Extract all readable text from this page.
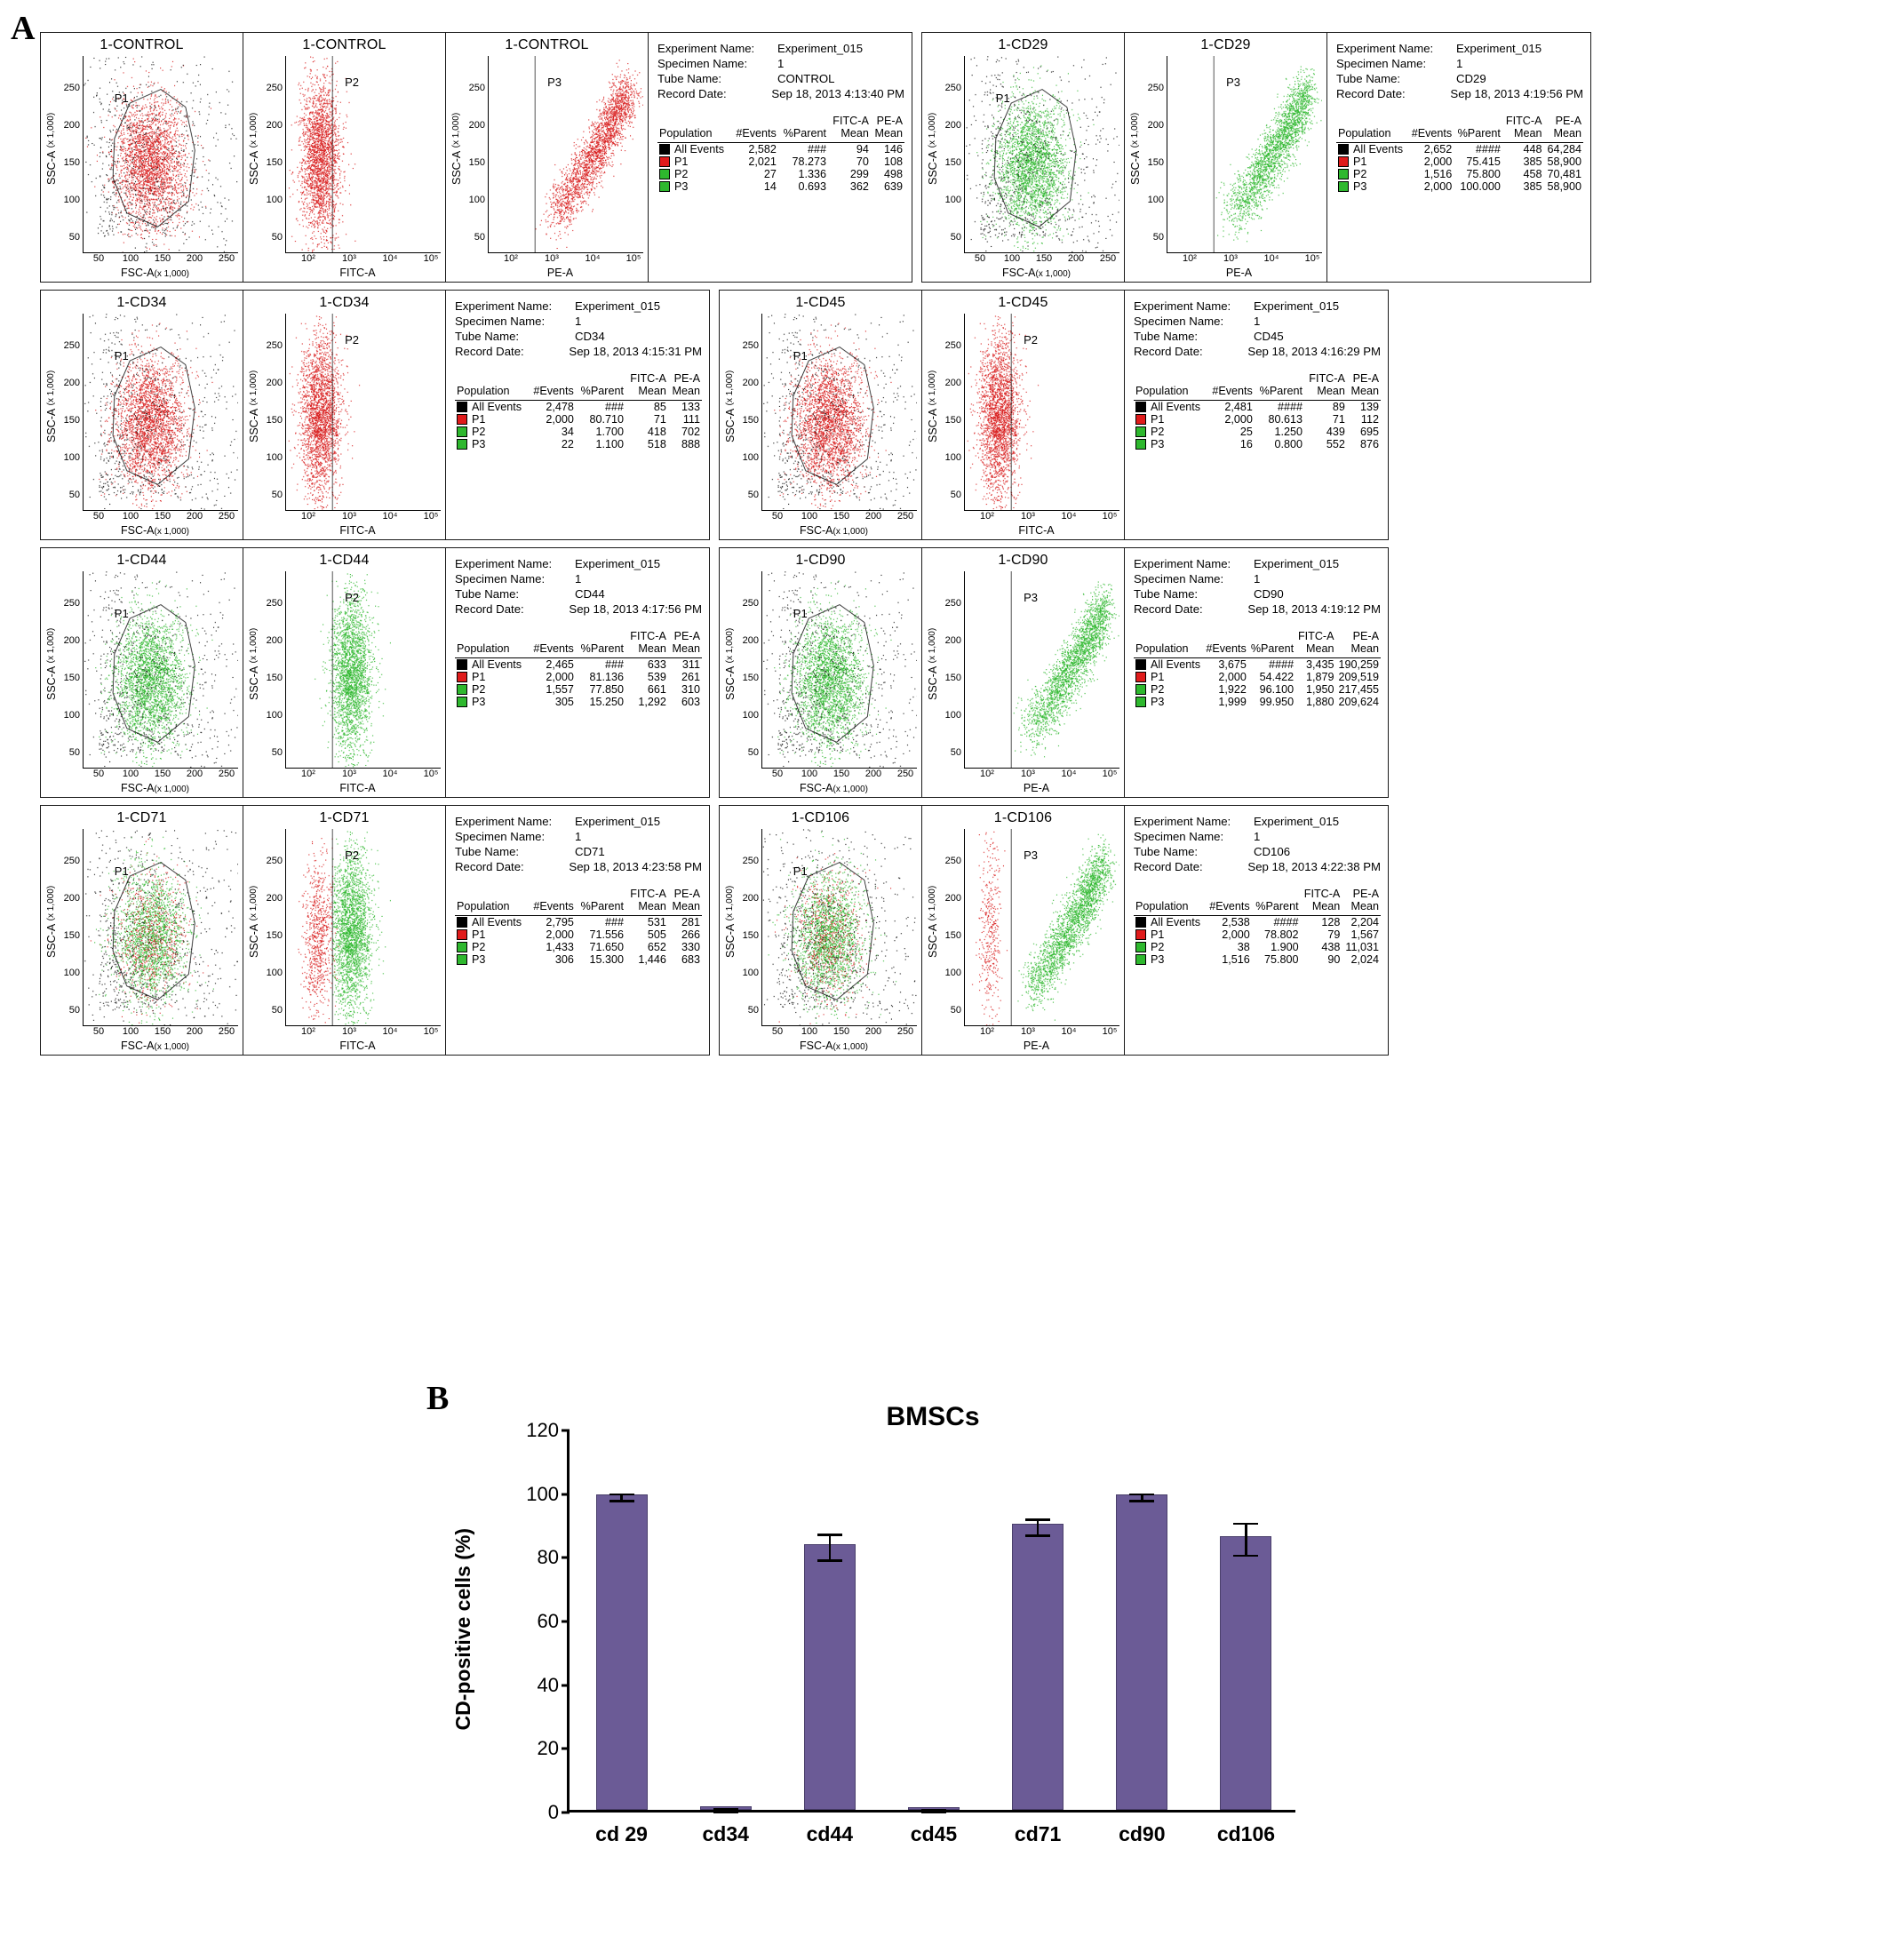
A
B
1-CONTROL
SSC-A (x 1,000)
50
100
150
200
250
P1
50 100 150 200 250
FSC-A(x 1,000)
1-CONTROL
SSC-A (x 1,000)
50
100
150
200
250	P2
10²	10³	10⁴	10⁵
FITC-A
1-CONTROL
SSC-A (x 1,000)
50
100
150
200
250	P3
10²	10³	10⁴	10⁵
PE-A
Experiment Name:	Experiment_015
Specimen Name:	1
Tube Name:	CONTROL
Record Date:	Sep 18, 2013 4:13:40 PM
			FITC-A	PE-A
Population	#Events	%Parent	Mean	Mean

All Events	2,582	###	94	146
P1	2,021	78.273	70	108
P2	27	1.336	299	498
P3	14	0.693	362	639
1-CD29
SSC-A (x 1,000)
50
100
150
200
250
P1
50 100 150 200 250
FSC-A(x 1,000)
1-CD29
SSC-A (x 1,000)
50
100
150
200
250	P3
10²	10³	10⁴	10⁵
PE-A
Experiment Name:	Experiment_015
Specimen Name:	1
Tube Name:	CD29
Record Date:	Sep 18, 2013 4:19:56 PM
			FITC-A	PE-A
Population	#Events	%Parent	Mean	Mean

All Events	2,652	####	448	64,284
P1	2,000	75.415	385	58,900
P2	1,516	75.800	458	70,481
P3	2,000	100.000	385	58,900
1-CD34
SSC-A (x 1,000)
50
100
150
200
250
P1
50 100 150 200 250
FSC-A(x 1,000)
1-CD34
SSC-A (x 1,000)
50
100
150
200
250	P2
10²	10³	10⁴	10⁵
FITC-A
Experiment Name:	Experiment_015
Specimen Name:	1
Tube Name:	CD34
Record Date:	Sep 18, 2013 4:15:31 PM
			FITC-A	PE-A
Population	#Events	%Parent	Mean	Mean

All Events	2,478	###	85	133
P1	2,000	80.710	71	111
P2	34	1.700	418	702
P3	22	1.100	518	888
1-CD45
SSC-A (x 1,000)
50
100
150
200
250
P1
50 100 150 200 250
FSC-A(x 1,000)
1-CD45
SSC-A (x 1,000)
50
100
150
200
250	P2
10²	10³	10⁴	10⁵
FITC-A
Experiment Name:	Experiment_015
Specimen Name:	1
Tube Name:	CD45
Record Date:	Sep 18, 2013 4:16:29 PM
			FITC-A	PE-A
Population	#Events	%Parent	Mean	Mean

All Events	2,481	####	89	139
P1	2,000	80.613	71	112
P2	25	1.250	439	695
P3	16	0.800	552	876
1-CD44
SSC-A (x 1,000)
50
100
150
200
250
P1
50 100 150 200 250
FSC-A(x 1,000)
1-CD44
SSC-A (x 1,000)
50
100
150
200
250	P2
10²	10³	10⁴	10⁵
FITC-A
Experiment Name:	Experiment_015
Specimen Name:	1
Tube Name:	CD44
Record Date:	Sep 18, 2013 4:17:56 PM
			FITC-A	PE-A
Population	#Events	%Parent	Mean	Mean

All Events	2,465	###	633	311
P1	2,000	81.136	539	261
P2	1,557	77.850	661	310
P3	305	15.250	1,292	603
1-CD90
SSC-A (x 1,000)
50
100
150
200
250
P1
50 100 150 200 250
FSC-A(x 1,000)
1-CD90
SSC-A (x 1,000)
50
100
150
200
250	P3
10²	10³	10⁴	10⁵
PE-A
Experiment Name:	Experiment_015
Specimen Name:	1
Tube Name:	CD90
Record Date:	Sep 18, 2013 4:19:12 PM
			FITC-A	PE-A
Population	#Events	%Parent	Mean	Mean

All Events	3,675	####	3,435	190,259
P1	2,000	54.422	1,879	209,519
P2	1,922	96.100	1,950	217,455
P3	1,999	99.950	1,880	209,624
1-CD71
SSC-A (x 1,000)
50
100
150
200
250
P1
50 100 150 200 250
FSC-A(x 1,000)
1-CD71
SSC-A (x 1,000)
50
100
150
200
250	P2
10²	10³	10⁴	10⁵
FITC-A
Experiment Name:	Experiment_015
Specimen Name:	1
Tube Name:	CD71
Record Date:	Sep 18, 2013 4:23:58 PM
			FITC-A	PE-A
Population	#Events	%Parent	Mean	Mean

All Events	2,795	###	531	281
P1	2,000	71.556	505	266
P2	1,433	71.650	652	330
P3	306	15.300	1,446	683
1-CD106
SSC-A (x 1,000)
50
100
150
200
250
P1
50 100 150 200 250
FSC-A(x 1,000)
1-CD106
SSC-A (x 1,000)
50
100
150
200
250	P3
10²	10³	10⁴	10⁵
PE-A
Experiment Name:	Experiment_015
Specimen Name:	1
Tube Name:	CD106
Record Date:	Sep 18, 2013 4:22:38 PM
			FITC-A	PE-A
Population	#Events	%Parent	Mean	Mean

All Events	2,538	####	128	2,204
P1	2,000	78.802	79	1,567
P2	38	1.900	438	11,031
P3	1,516	75.800	90	2,024
BMSCs
CD-positive cells (%)
0
20
40
60
80
100
120
cd 29	cd34	cd44	cd45	cd71	cd90	cd106
